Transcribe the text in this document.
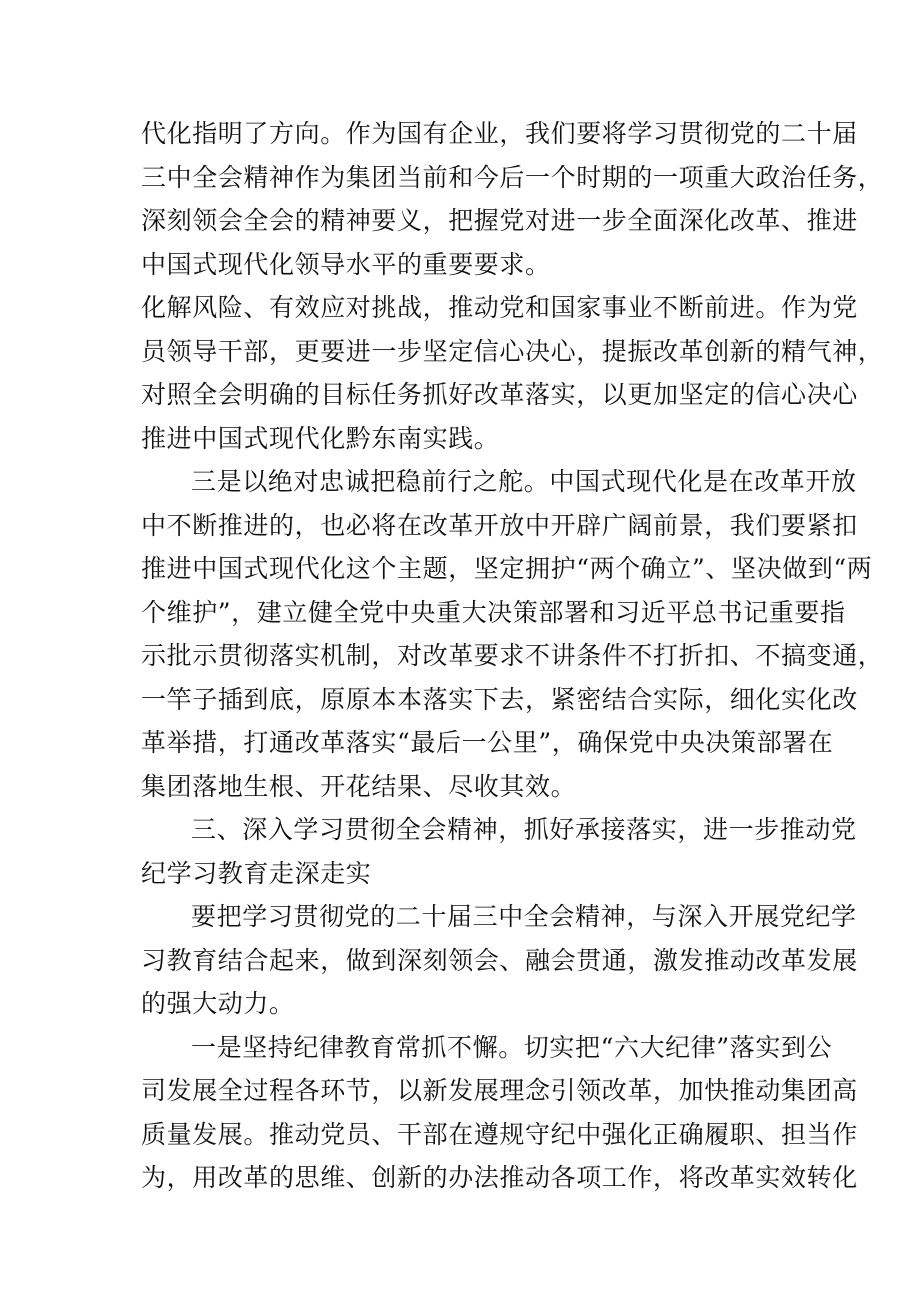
代化指明了方向。作为国有企业，我们要将学习贯彻党的二十届
三中全会精神作为集团当前和今后一个时期的一项重大政治任务，
深刻领会全会的精神要义，把握党对进一步全面深化改革、推进
中国式现代化领导水平的重要要求。
化解风险、有效应对挑战，推动党和国家事业不断前进。作为党
员领导干部，更要进一步坚定信心决心，提振改革创新的精气神，
对照全会明确的目标任务抓好改革落实，以更加坚定的信心决心
推进中国式现代化黔东南实践。
三是以绝对忠诚把稳前行之舵。中国式现代化是在改革开放
中不断推进的，也必将在改革开放中开辟广阔前景，我们要紧扣
推进中国式现代化这个主题，坚定拥护“两个确立”、坚决做到“两
个维护”，建立健全党中央重大决策部署和习近平总书记重要指
示批示贯彻落实机制，对改革要求不讲条件不打折扣、不搞变通，
一竿子插到底，原原本本落实下去，紧密结合实际，细化实化改
革举措，打通改革落实“最后一公里”，确保党中央决策部署在
集团落地生根、开花结果、尽收其效。
三、深入学习贯彻全会精神，抓好承接落实，进一步推动党
纪学习教育走深走实
要把学习贯彻党的二十届三中全会精神，与深入开展党纪学
习教育结合起来，做到深刻领会、融会贯通，激发推动改革发展
的强大动力。
一是坚持纪律教育常抓不懈。切实把“六大纪律”落实到公
司发展全过程各环节，以新发展理念引领改革，加快推动集团高
质量发展。推动党员、干部在遵规守纪中强化正确履职、担当作
为，用改革的思维、创新的办法推动各项工作，将改革实效转化
